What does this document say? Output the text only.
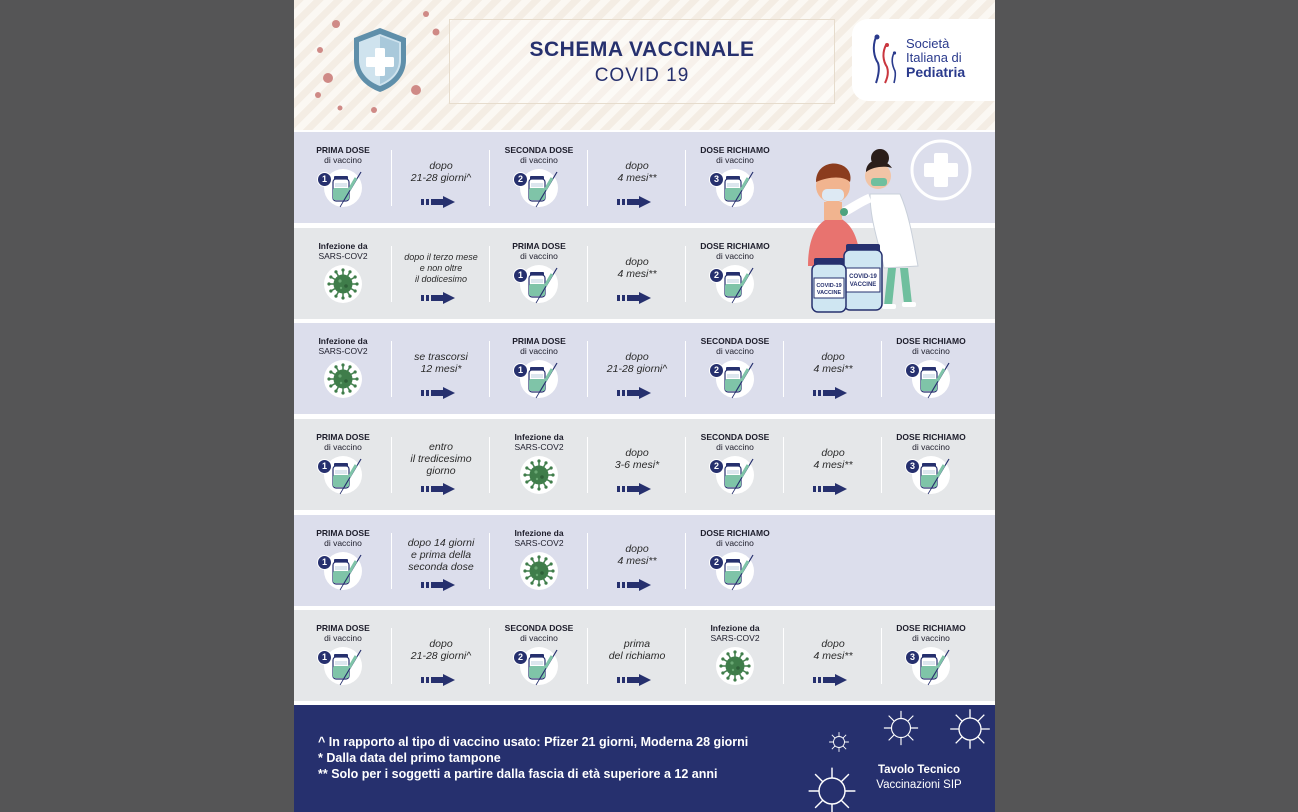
SCHEMA VACCINALE
COVID 19
Società
Italiana di
Pediatria
PRIMA DOSE
di vaccino
1
dopo
21-28 giorni^
SECONDA DOSE
di vaccino
2
dopo
4 mesi**
DOSE RICHIAMO
di vaccino
3
Infezione da
SARS-COV2	dopo il terzo mese
e non oltre
il dodicesimo
PRIMA DOSE
di vaccino
1
dopo
4 mesi**
DOSE RICHIAMO
di vaccino
2
Infezione da
SARS-COV2	se trascorsi
12 mesi*
PRIMA DOSE
di vaccino
1
dopo
21-28 giorni^
SECONDA DOSE
di vaccino
2
dopo
4 mesi**
DOSE RICHIAMO
di vaccino
3
PRIMA DOSE
di vaccino
1
entro
il tredicesimo
giorno
Infezione da
SARS-COV2	dopo
3-6 mesi*
SECONDA DOSE
di vaccino
2
dopo
4 mesi**
DOSE RICHIAMO
di vaccino
3
PRIMA DOSE
di vaccino
1
dopo 14 giorni
e prima della
seconda dose
Infezione da
SARS-COV2	dopo
4 mesi**
DOSE RICHIAMO
di vaccino
2
PRIMA DOSE
di vaccino
1
dopo
21-28 giorni^
SECONDA DOSE
di vaccino
2
prima
del richiamo
Infezione da
SARS-COV2	dopo
4 mesi**
DOSE RICHIAMO
di vaccino
3
COVID-19
VACCINE
COVID-19
VACCINE
^ In rapporto al tipo di vaccino usato: Pfizer 21 giorni, Moderna 28 giorni
* Dalla data del primo tampone
** Solo per i soggetti a partire dalla fascia di età superiore a 12 anni	Tavolo Tecnico
Vaccinazioni SIP
